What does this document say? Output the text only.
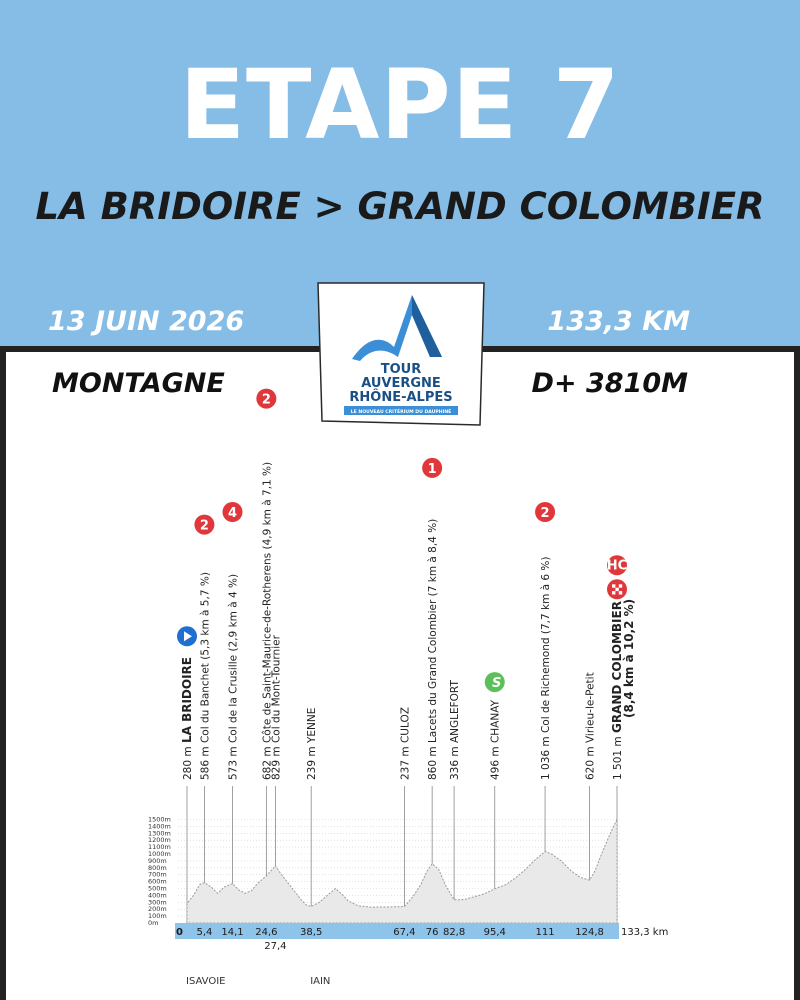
ETAPE 7
LA BRIDOIRE > GRAND COLOMBIER
13 JUIN 2026	133,3 KM
MONTAGNE	D+ 3810M
TOUR
AUVERGNE
RHÔNE-ALPES
LE NOUVEAU CRITÉRIUM DU DAUPHINÉ
1500m
1400m
1300m
1200m
1100m
1000m
900m
800m
700m
600m
500m
400m
300m
200m
100m
0m
0	133,3 km
5,4 14,1 24,6
27,4
38,5	67,4 76 82,8 95,4	111 124,8
280 m LA BRIDOIRE
586 m Col du Banchet (5,3 km à 5,7 %)
573 m Col de la Crusille (2,9 km à 4 %)
682 m Côte de Saint-Maurice-de-Rotherens (4,9 km à 7,1 %)
829 m Col du Mont-Tournier
239 m YENNE
237 m CULOZ
860 m Lacets du Grand Colombier (7 km à 8,4 %)
336 m ANGLEFORT
496 m CHANAY
1 036 m Col de Richemond (7,7 km à 6 %)
620 m Virieu-le-Petit
1 501 m GRAND COLOMBIER
(8,4 km à 10,2 %)
2
4
2
1
S
2
HC
ISAVOIE	IAIN
